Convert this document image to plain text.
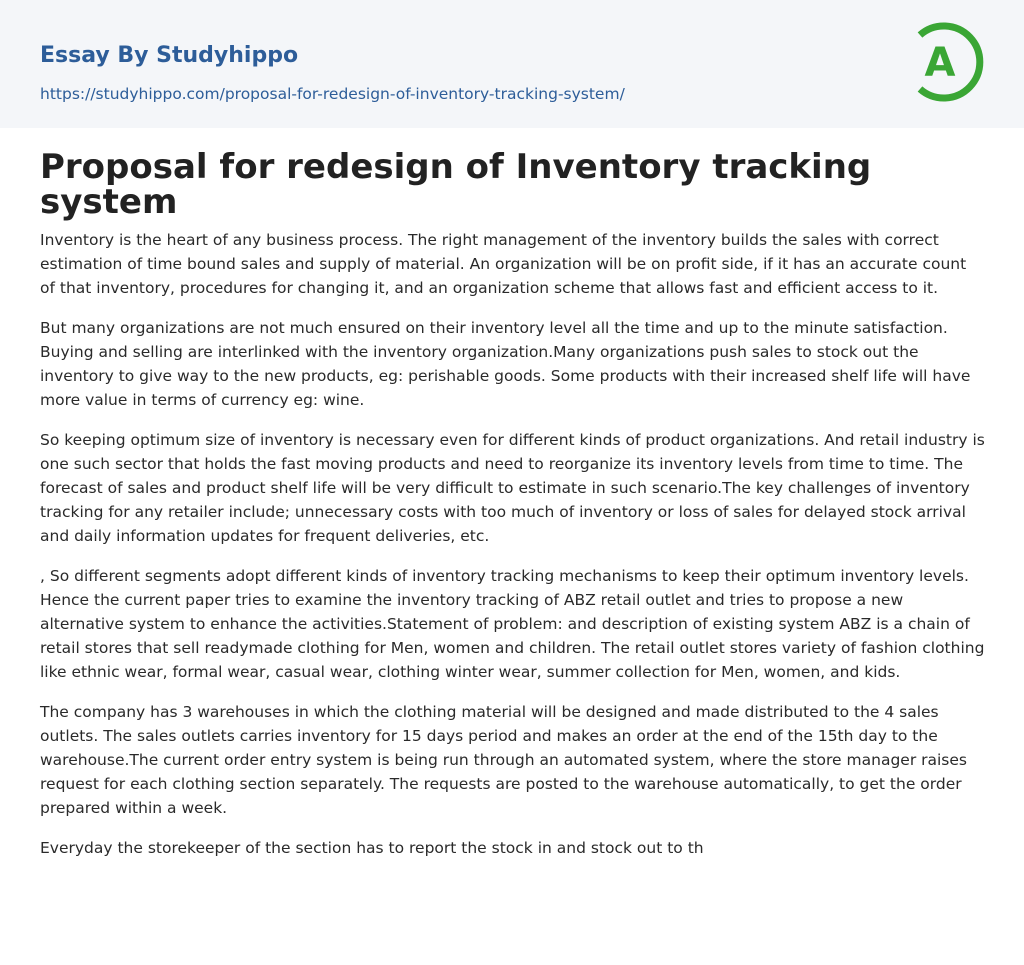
Essay By Studyhippo
https://studyhippo.com/proposal-for-redesign-of-inventory-tracking-system/
A
Proposal for redesign of Inventory tracking system

Inventory is the heart of any business process. The right management of the inventory builds the sales with correct estimation of time bound sales and supply of material. An organization will be on profit side, if it has an accurate count of that inventory, procedures for changing it, and an organization scheme that allows fast and efficient access to it.

But many organizations are not much ensured on their inventory level all the time and up to the minute satisfaction. Buying and selling are interlinked with the inventory organization.Many organizations push sales to stock out the inventory to give way to the new products, eg: perishable goods. Some products with their increased shelf life will have more value in terms of currency eg: wine.

So keeping optimum size of inventory is necessary even for different kinds of product organizations. And retail industry is one such sector that holds the fast moving products and need to reorganize its inventory levels from time to time. The forecast of sales and product shelf life will be very difficult to estimate in such scenario.The key challenges of inventory tracking for any retailer include; unnecessary costs with too much of inventory or loss of sales for delayed stock arrival and daily information updates for frequent deliveries, etc.

, So different segments adopt different kinds of inventory tracking mechanisms to keep their optimum inventory levels. Hence the current paper tries to examine the inventory tracking of ABZ retail outlet and tries to propose a new alternative system to enhance the activities.Statement of problem: and description of existing system ABZ is a chain of retail stores that sell readymade clothing for Men, women and children. The retail outlet stores variety of fashion clothing like ethnic wear, formal wear, casual wear, clothing winter wear, summer collection for Men, women, and kids.

The company has 3 warehouses in which the clothing material will be designed and made distributed to the 4 sales outlets. The sales outlets carries inventory for 15 days period and makes an order at the end of the 15th day to the warehouse.The current order entry system is being run through an automated system, where the store manager raises request for each clothing section separately. The requests are posted to the warehouse automatically, to get the order prepared within a week.

Everyday the storekeeper of the section has to report the stock in and stock out to th
